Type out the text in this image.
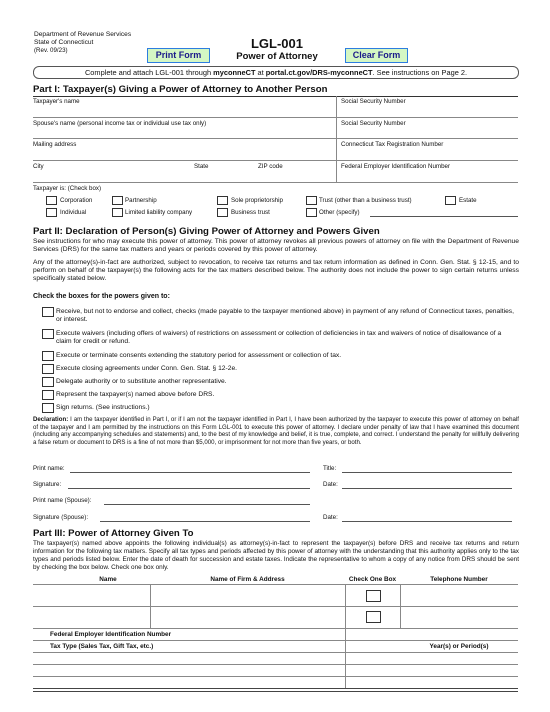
Department of Revenue Services
State of Connecticut
(Rev. 09/23)	Print Form	Clear Form
LGL-001
Power of Attorney
Complete and attach LGL-001 through myconneCT at portal.ct.gov/DRS-myconneCT. See instructions on Page 2.
Part I: Taxpayer(s) Giving a Power of Attorney to Another Person
Taxpayer's name	Social Security Number
Spouse's name (personal income tax or individual use tax only)	Social Security Number
Mailing address	Connecticut Tax Registration Number
City	State	ZIP code	Federal Employer Identification Number
Taxpayer is: (Check box)
Corporation	Partnership	Sole proprietorship	Trust (other than a business trust)	Estate
Individual	Limited liability company	Business trust	Other (specify)
Part II: Declaration of Person(s) Giving Power of Attorney and Powers Given
See instructions for who may execute this power of attorney. This power of attorney revokes all previous powers of attorney on file with the Department of Revenue Services (DRS) for the same tax matters and years or periods covered by this power of attorney.
Any of the attorney(s)-in-fact are authorized, subject to revocation, to receive tax returns and tax return information as defined in Conn. Gen. Stat. § 12-15, and to perform on behalf of the taxpayer(s) the following acts for the tax matters described below. The authority does not include the power to sign certain returns unless specifically stated below.
Check the boxes for the powers given to:
Receive, but not to endorse and collect, checks (made payable to the taxpayer mentioned above) in payment of any refund of Connecticut taxes, penalties, or interest.
Execute waivers (including offers of waivers) of restrictions on assessment or collection of deficiencies in tax and waivers of notice of disallowance of a claim for credit or refund.
Execute or terminate consents extending the statutory period for assessment or collection of tax.
Execute closing agreements under Conn. Gen. Stat. § 12-2e.
Delegate authority or to substitute another representative.
Represent the taxpayer(s) named above before DRS.
Sign returns. (See instructions.)
Declaration: I am the taxpayer identified in Part I, or if I am not the taxpayer identified in Part I, I have been authorized by the taxpayer to execute this power of attorney on behalf of the taxpayer and I am permitted by the instructions on this Form LGL-001 to execute this power of attorney. I declare under penalty of law that I have examined this document (including any accompanying schedules and statements) and, to the best of my knowledge and belief, it is true, complete, and correct. I understand the penalty for willfully delivering a false return or document to DRS is a fine of not more than $5,000, or imprisonment for not more than five years, or both.
Print name:	Title:
Signature:	Date:
Print name (Spouse):
Signature (Spouse):	Date:
Part III: Power of Attorney Given To
The taxpayer(s) named above appoints the following individual(s) as attorney(s)-in-fact to represent the taxpayer(s) before DRS and receive tax returns and return information for the following tax matters. Specify all tax types and periods affected by this power of attorney with the understanding that this authority applies only to the tax types and periods listed below. Enter the date of death for succession and estate taxes. Indicate the representative to whom a copy of any notice from DRS should be sent by checking the box below. Check one box only.
Name	Name of Firm & Address	Check One Box	Telephone Number
Federal Employer Identification Number
Tax Type (Sales Tax, Gift Tax, etc.)	Year(s) or Period(s)
